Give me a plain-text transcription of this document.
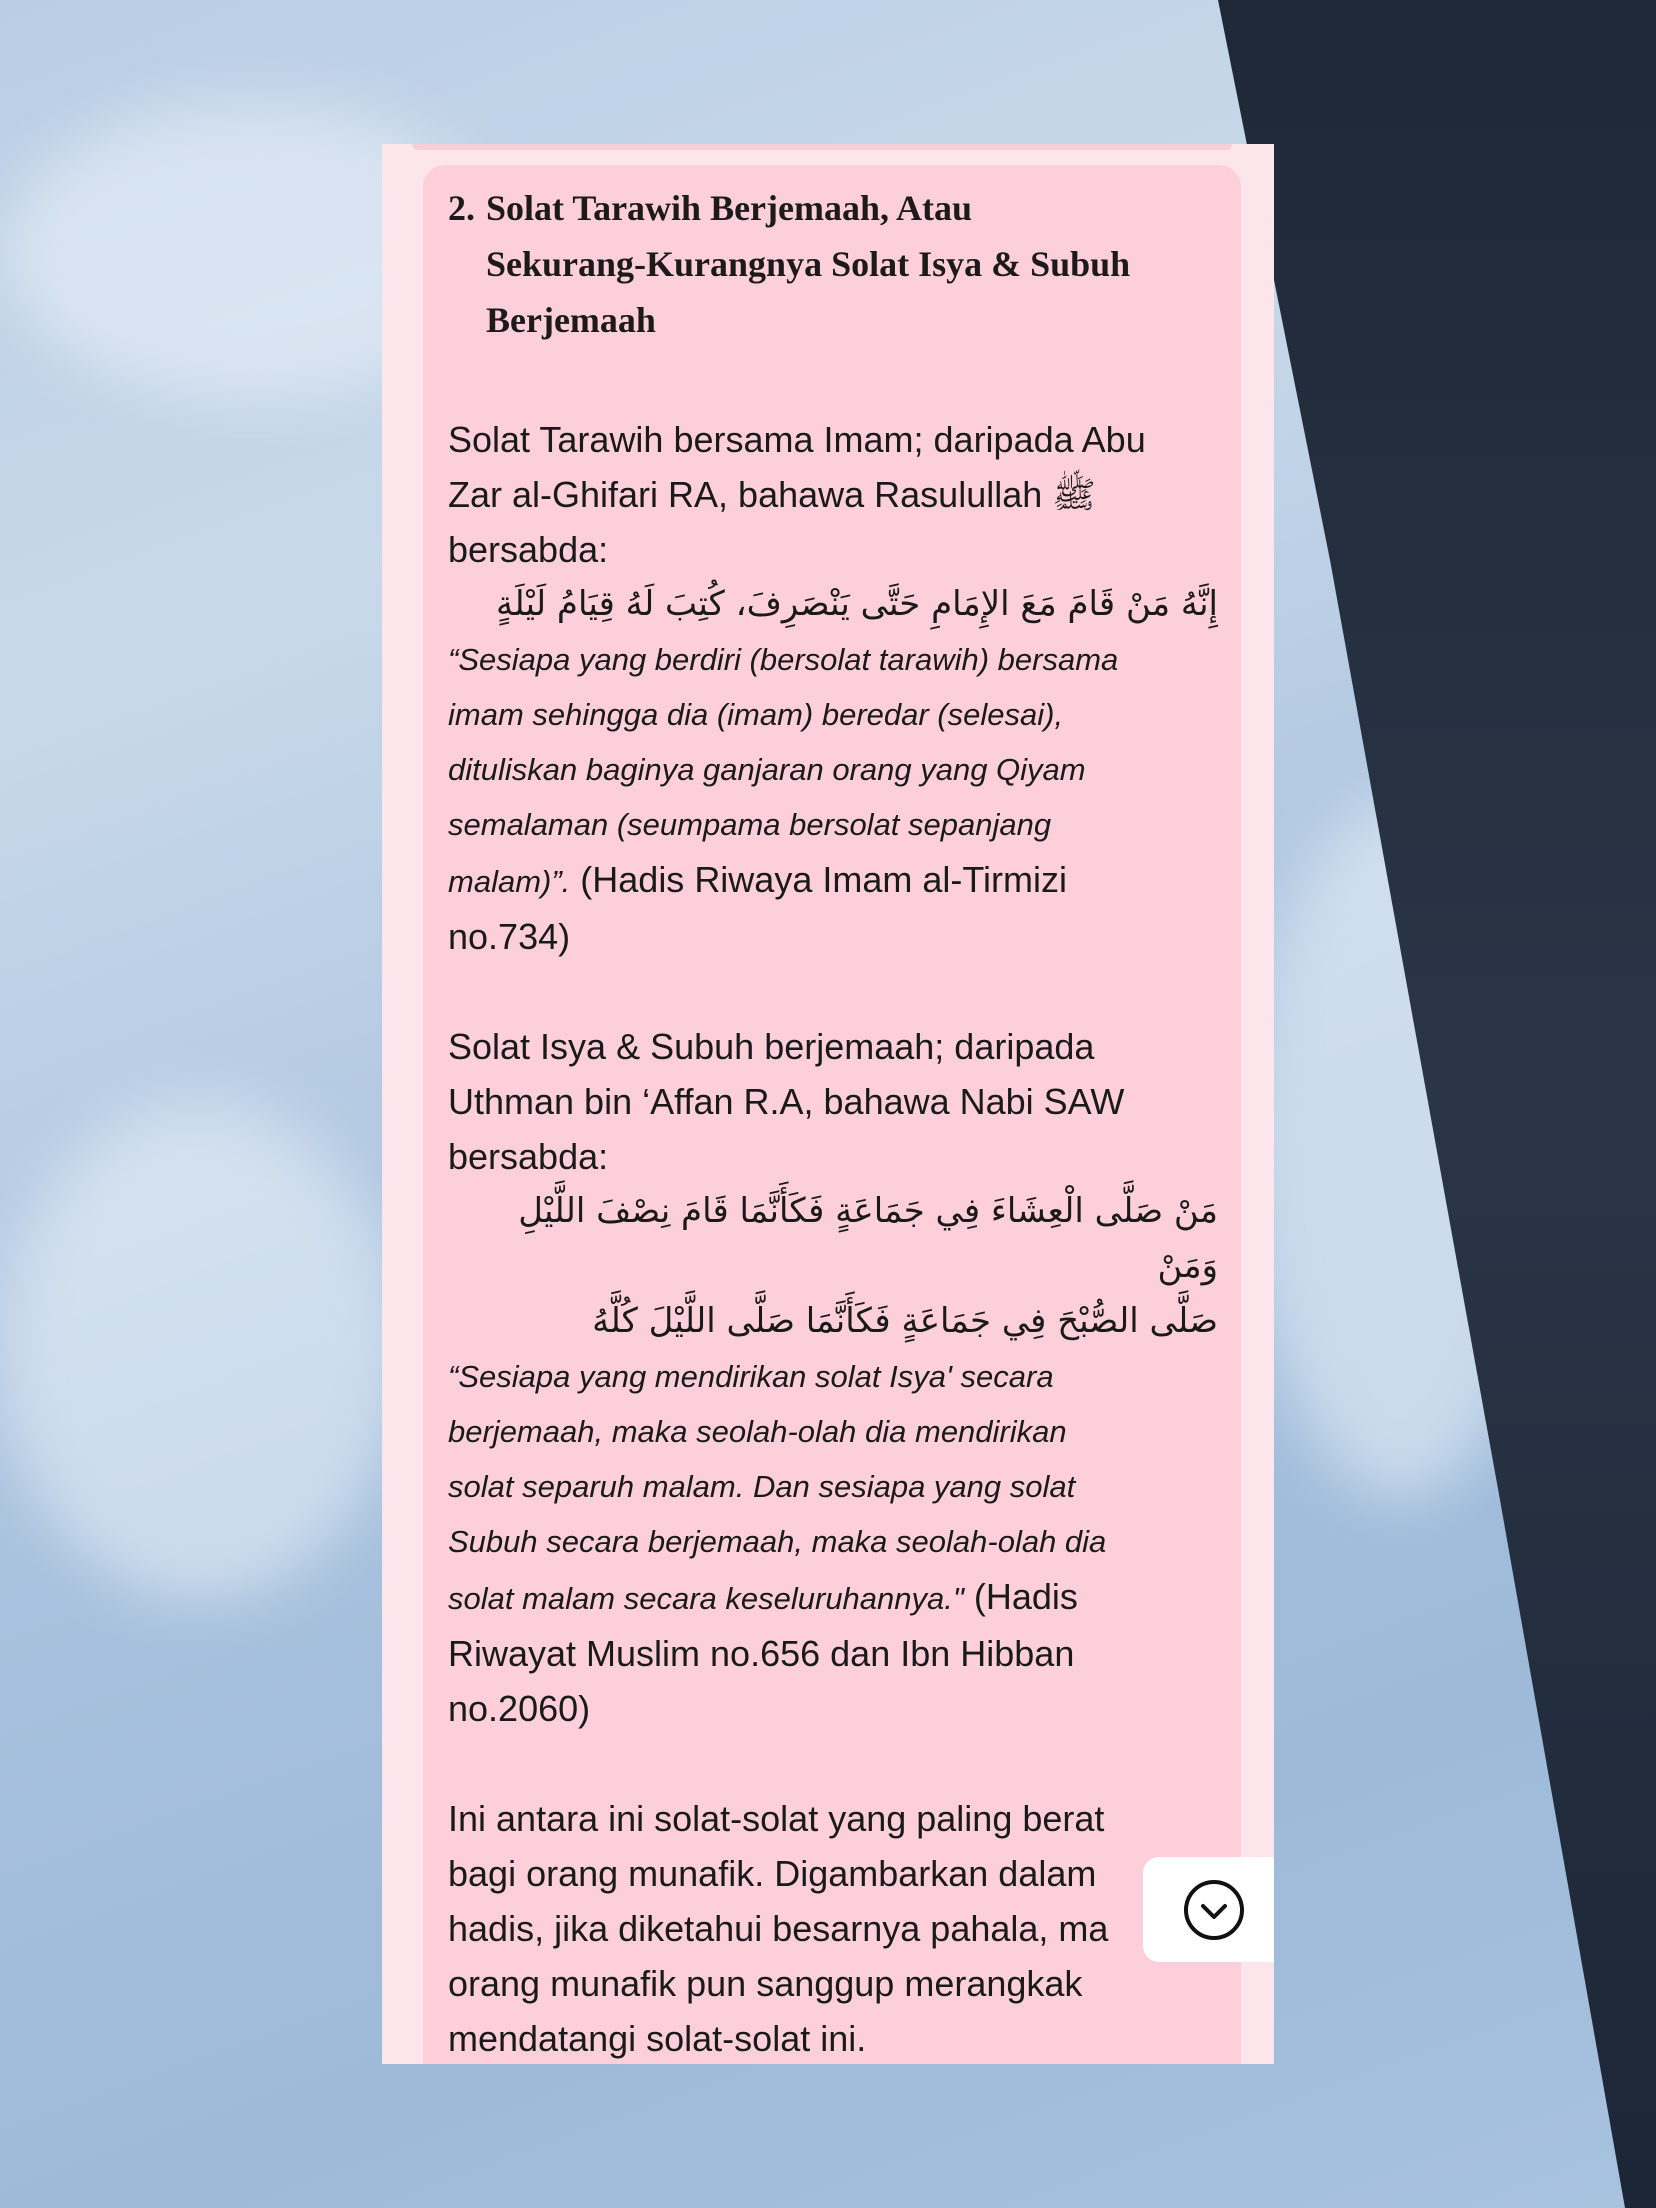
2. Solat Tarawih Berjemaah, Atau
Sekurang-Kurangnya Solat Isya & Subuh
Berjemaah
Solat Tarawih bersama Imam; daripada Abu
Zar al-Ghifari RA, bahawa Rasulullah ﷺ
bersabda:
إِنَّهُ مَنْ قَامَ مَعَ الإِمَامِ حَتَّى يَنْصَرِفَ، كُتِبَ لَهُ قِيَامُ لَيْلَةٍ
“Sesiapa yang berdiri (bersolat tarawih) bersama
imam sehingga dia (imam) beredar (selesai),
dituliskan baginya ganjaran orang yang Qiyam
semalaman (seumpama bersolat sepanjang
malam)”. (Hadis Riwaya Imam al-Tirmizi
no.734)
Solat Isya & Subuh berjemaah; daripada
Uthman bin ‘Affan R.A, bahawa Nabi SAW
bersabda:
مَنْ صَلَّى الْعِشَاءَ فِي جَمَاعَةٍ فَكَأَنَّمَا قَامَ نِصْفَ اللَّيْلِ وَمَنْ
صَلَّى الصُّبْحَ فِي جَمَاعَةٍ فَكَأَنَّمَا صَلَّى اللَّيْلَ كُلَّهُ
“Sesiapa yang mendirikan solat Isya' secara
berjemaah, maka seolah-olah dia mendirikan
solat separuh malam. Dan sesiapa yang solat
Subuh secara berjemaah, maka seolah-olah dia
solat malam secara keseluruhannya." (Hadis
Riwayat Muslim no.656 dan Ibn Hibban
no.2060)
Ini antara ini solat-solat yang paling berat
bagi orang munafik. Digambarkan dalam
hadis, jika diketahui besarnya pahala, ma
orang munafik pun sanggup merangkak
mendatangi solat-solat ini.
